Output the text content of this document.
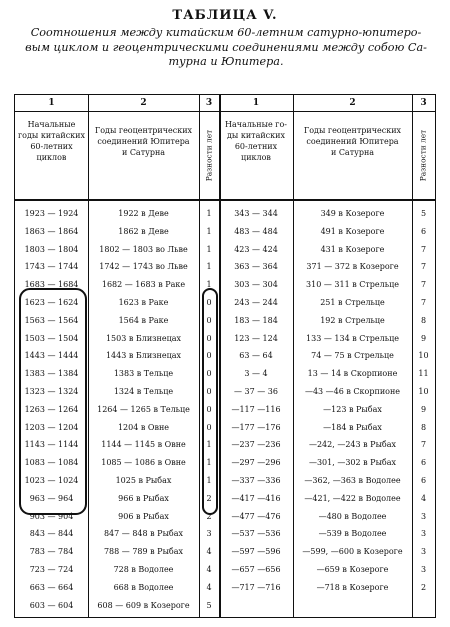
ТАБЛИЦА V.
Соотношения между китайским 60-летним сатурно-юпитеро-
вым циклом и геоцентрическими соединениями между собою Са-
турна и Юпитера.
1	2	3	1	2	3
Начальные
годы китайских
60-летних
циклов
Годы геоцентрических
соединений Юпитера
и Сатурна	Разности лет
Начальные го-
ды китайских
60-летних
циклов
Годы геоцентрических
соединений Юпитера
и Сатурна	Разности лет
1923 — 1924	1922 в Деве	1	343 — 344	349 в Козероге	5
1863 — 1864	1862 в Деве	1	483 — 484	491 в Козероге	6
1803 — 1804	1802 — 1803 во Льве	1	423 — 424	431 в Козероге	7
1743 — 1744	1742 — 1743 во Льве	1	363 — 364	371 — 372 в Козероге	7
1683 — 1684	1682 — 1683 в Раке	1	303 — 304	310 — 311 в Стрельце	7
1623 — 1624	1623 в Раке	0	243 — 244	251 в Стрельце	7
1563 — 1564	1564 в Раке	0	183 — 184	192 в Стрельце	8
1503 — 1504	1503 в Близнецах	0	123 — 124	133 — 134 в Стрельце	9
1443 — 1444	1443 в Близнецах	0	63 — 64	74 — 75 в Стрельце	10
1383 — 1384	1383 в Тельце	0	3 — 4	13 — 14 в Скорпионе	11
1323 — 1324	1324 в Тельце	0	— 37 — 36	—43 —46 в Скорпионе	10
1263 — 1264	1264 — 1265 в Тельце	0	—117 —116	—123 в Рыбах	9
1203 — 1204	1204 в Овне	0	—177 —176	—184 в Рыбах	8
1143 — 1144	1144 — 1145 в Овне	1	—237 —236	—242, —243 в Рыбах	7
1083 — 1084	1085 — 1086 в Овне	1	—297 —296	—301, —302 в Рыбах	6
1023 — 1024	1025 в Рыбах	1	—337 —336	—362, —363 в Водолее	6
963 — 964	966 в Рыбах	2	—417 —416	—421, —422 в Водолее	4
903 — 904	906 в Рыбах	2	—477 —476	—480 в Водолее	3
843 — 844	847 — 848 в Рыбах	3	—537 —536	—539 в Водолее	3
783 — 784	788 — 789 в Рыбах	4	—597 —596	—599, —600 в Козероге	3
723 — 724	728 в Водолее	4	—657 —656	—659 в Козероге	3
663 — 664	668 в Водолее	4	—717 —716	—718 в Козероге	2
603 — 604	608 — 609 в Козероге	5
